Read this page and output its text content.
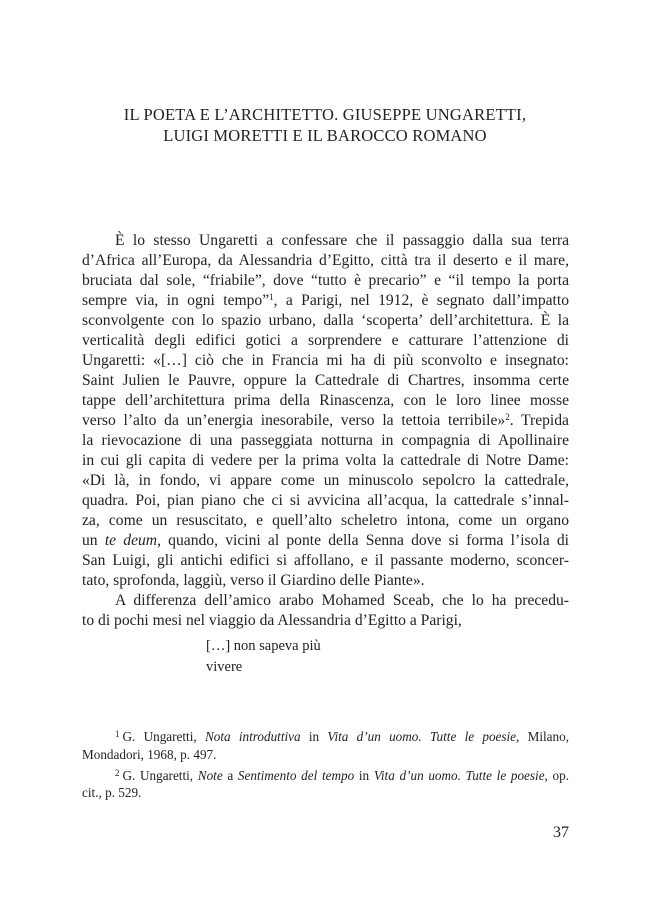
IL POETA E L’ARCHITETTO. GIUSEPPE UNGARETTI,
LUIGI MORETTI E IL BAROCCO ROMANO
È lo stesso Ungaretti a confessare che il passaggio dalla sua terra
d’Africa all’Europa, da Alessandria d’Egitto, città tra il deserto e il mare,
bruciata dal sole, “friabile”, dove “tutto è precario” e “il tempo la porta
sempre via, in ogni tempo”$^1$, a Parigi, nel 1912, è segnato dall’impatto
sconvolgente con lo spazio urbano, dalla ‘scoperta’ dell’architettura. È la
verticalità degli edifici gotici a sorprendere e catturare l’attenzione di
Ungaretti: «[…] ciò che in Francia mi ha di più sconvolto e insegnato:
Saint Julien le Pauvre, oppure la Cattedrale di Chartres, insomma certe
tappe dell’architettura prima della Rinascenza, con le loro linee mosse
verso l’alto da un’energia inesorabile, verso la tettoia terribile»$^2$. Trepida
la rievocazione di una passeggiata notturna in compagnia di Apollinaire
in cui gli capita di vedere per la prima volta la cattedrale di Notre Dame:
«Di là, in fondo, vi appare come un minuscolo sepolcro la cattedrale,
quadra. Poi, pian piano che ci si avvicina all’acqua, la cattedrale s’innal-
za, come un resuscitato, e quell’alto scheletro intona, come un organo
un te deum, quando, vicini al ponte della Senna dove si forma l’isola di
San Luigi, gli antichi edifici si affollano, e il passante moderno, sconcer-
tato, sprofonda, laggiù, verso il Giardino delle Piante».
A differenza dell’amico arabo Mohamed Sceab, che lo ha precedu-
to di pochi mesi nel viaggio da Alessandria d’Egitto a Parigi,
[…] non sapeva più
vivere
$^1$ G. Ungaretti, Nota introduttiva in Vita d’un uomo. Tutte le poesie, Milano,
Mondadori, 1968, p. 497.
$^2$ G. Ungaretti, Note a Sentimento del tempo in Vita d’un uomo. Tutte le poesie, op.
cit., p. 529.
37
